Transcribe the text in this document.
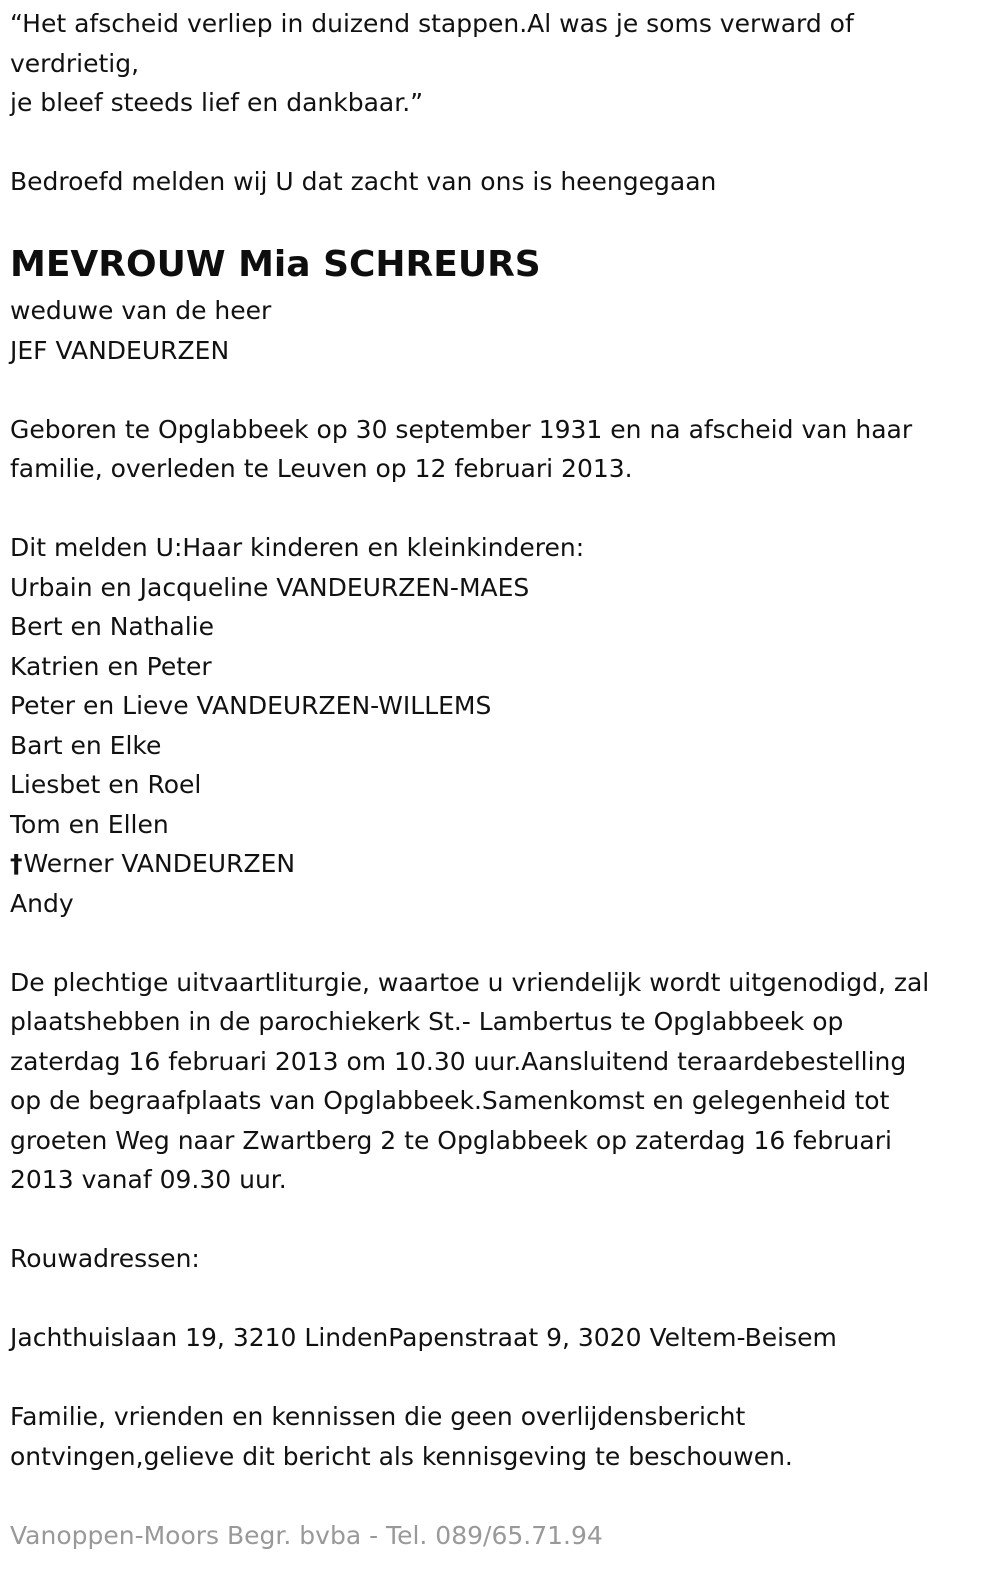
“Het afscheid verliep in duizend stappen.Al was je soms verward of
verdrietig,
je bleef steeds lief en dankbaar.”
Bedroefd melden wij U dat zacht van ons is heengegaan
MEVROUW Mia SCHREURS
weduwe van de heer
JEF VANDEURZEN
Geboren te Opglabbeek op 30 september 1931 en na afscheid van haar
familie, overleden te Leuven op 12 februari 2013.
Dit melden U:Haar kinderen en kleinkinderen:
Urbain en Jacqueline VANDEURZEN-MAES
Bert en Nathalie
Katrien en Peter
Peter en Lieve VANDEURZEN-WILLEMS
Bart en Elke
Liesbet en Roel
Tom en Ellen
†Werner VANDEURZEN
Andy
De plechtige uitvaartliturgie, waartoe u vriendelijk wordt uitgenodigd, zal
plaatshebben in de parochiekerk St.- Lambertus te Opglabbeek op
zaterdag 16 februari 2013 om 10.30 uur.Aansluitend teraardebestelling
op de begraafplaats van Opglabbeek.Samenkomst en gelegenheid tot
groeten Weg naar Zwartberg 2 te Opglabbeek op zaterdag 16 februari
2013 vanaf 09.30 uur.
Rouwadressen:
Jachthuislaan 19, 3210 LindenPapenstraat 9, 3020 Veltem-Beisem
Familie, vrienden en kennissen die geen overlijdensbericht
ontvingen,gelieve dit bericht als kennisgeving te beschouwen.
Vanoppen-Moors Begr. bvba - Tel. 089/65.71.94
